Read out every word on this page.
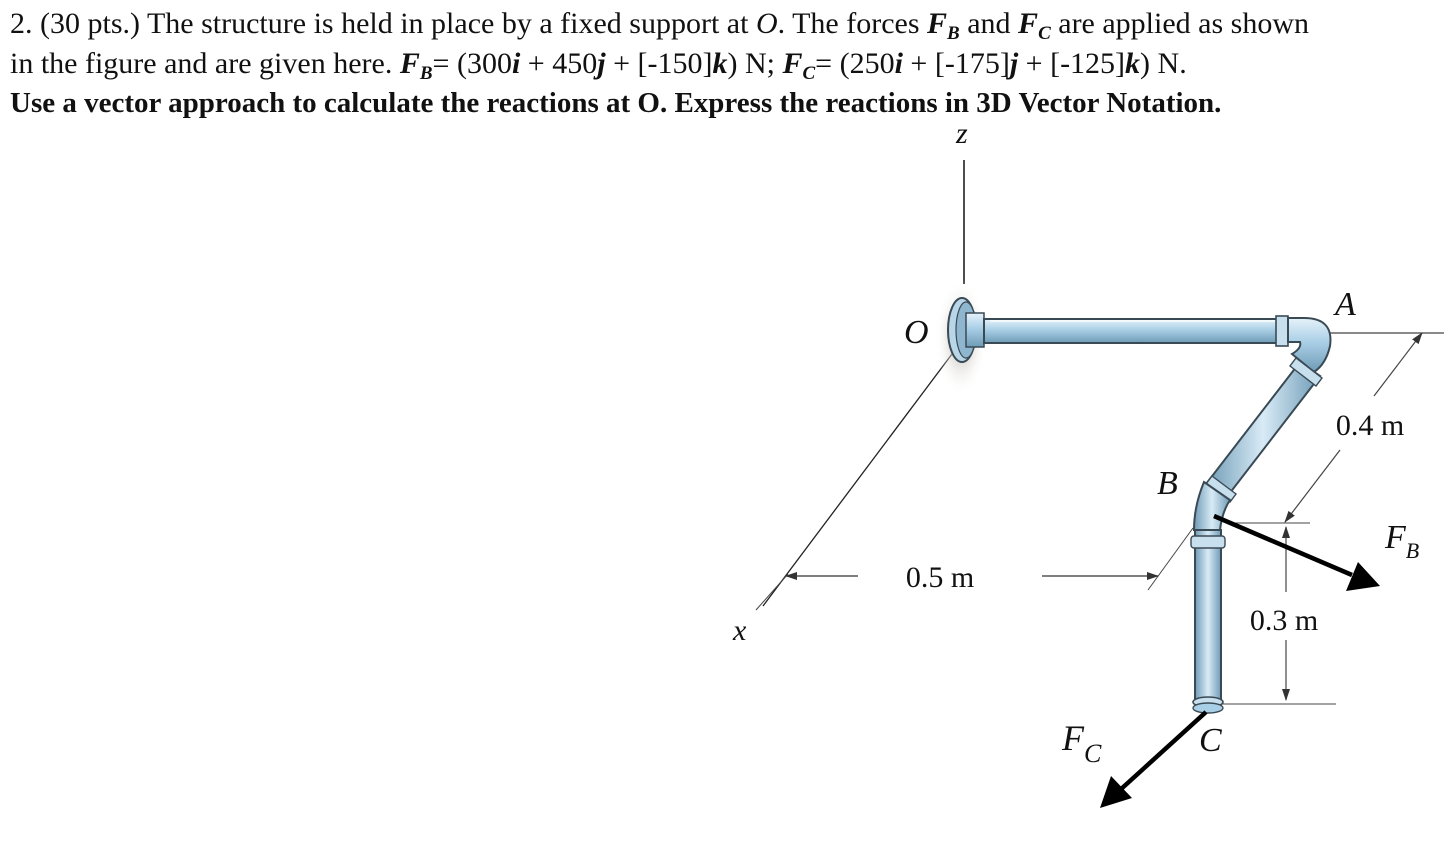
2. (30 pts.) The structure is held in place by a fixed support at O. The forces $F_B$ and $F_C$ are applied as shown
in the figure and are given here. $F_B= (300i + 450j + [-150]k)$ N; $F_C= (250i + [-175]j + [-125]k)$ N.
Use a vector approach to calculate the reactions at O. Express the reactions in 3D Vector Notation.
z
x
0.5 m
0.4 m
0.3 m
O
A
B
C
$F_B$
$F_C$
